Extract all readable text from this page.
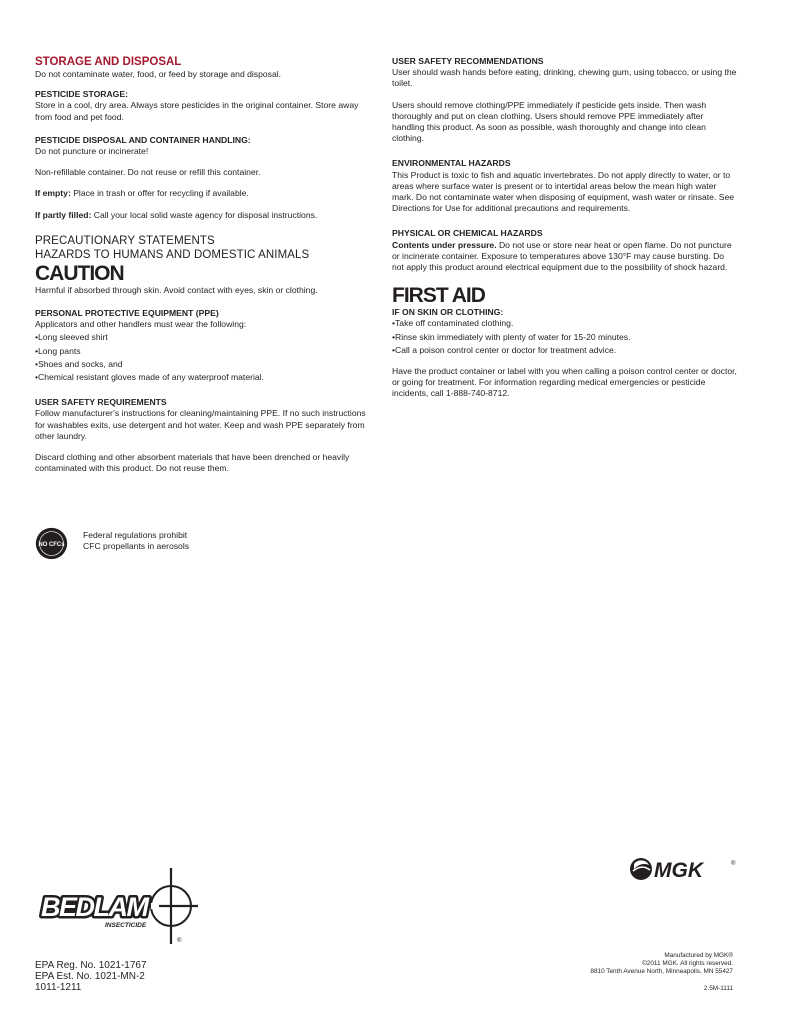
STORAGE AND DISPOSAL

Do not contaminate water, food, or feed by storage and disposal.

PESTICIDE STORAGE:

Store in a cool, dry area. Always store pesticides in the original container. Store away from food and pet food.

PESTICIDE DISPOSAL AND CONTAINER HANDLING:

Do not puncture or incinerate!

Non-refillable container. Do not reuse or refill this container.

If empty: Place in trash or offer for recycling if available.

If partly filled: Call your local solid waste agency for disposal instructions.

PRECAUTIONARY STATEMENTS

HAZARDS TO HUMANS AND DOMESTIC ANIMALS

CAUTION

Harmful if absorbed through skin. Avoid contact with eyes, skin or clothing.

PERSONAL PROTECTIVE EQUIPMENT (PPE)

Applicators and other handlers must wear the following:

• Long sleeved shirt

• Long pants

• Shoes and socks, and

• Chemical resistant gloves made of any waterproof material.

USER SAFETY REQUIREMENTS

Follow manufacturer’s instructions for cleaning/maintaining PPE. If no such instructions for washables exits, use detergent and hot water. Keep and wash PPE separately from other laundry.

Discard clothing and other absorbent materials that have been drenched or heavily contaminated with this product. Do not reuse them.

NO CFCs

Federal regulations prohibit

CFC propellants in aerosols

USER SAFETY RECOMMENDATIONS

User should wash hands before eating, drinking, chewing gum, using tobacco, or using the toilet.

Users should remove clothing/PPE immediately if pesticide gets inside. Then wash thoroughly and put on clean clothing. Users should remove PPE immediately after handling this product. As soon as possible, wash thoroughly and change into clean clothing.

ENVIRONMENTAL HAZARDS

This Product is toxic to fish and aquatic invertebrates. Do not apply directly to water, or to areas where surface water is present or to intertidal areas below the mean high water mark. Do not contaminate water when disposing of equipment, wash water or rinsate. See Directions for Use for additional precautions and requirements.

PHYSICAL OR CHEMICAL HAZARDS

Contents under pressure. Do not use or store near heat or open flame. Do not puncture or incinerate container. Exposure to temperatures above 130°F may cause bursting. Do not apply this product around electrical equipment due to the possibility of shock hazard.

FIRST AID

IF ON SKIN OR CLOTHING:

• Take off contaminated clothing.

• Rinse skin immediately with plenty of water for 15-20 minutes.

• Call a poison control center or doctor for treatment advice.

Have the product container or label with you when calling a poison control center or doctor, or going for treatment. For information regarding medical emergencies or pesticide incidents, call 1-888-740-8712.

MGK	®
BEDLAM
INSECTICIDE
®

EPA Reg. No. 1021-1767

EPA Est. No. 1021-MN-2

1011-1211

Manufactured by MGK®

©2011 MGK. All rights reserved.

8810 Tenth Avenue North, Minneapolis, MN 55427

2.5M-1111
